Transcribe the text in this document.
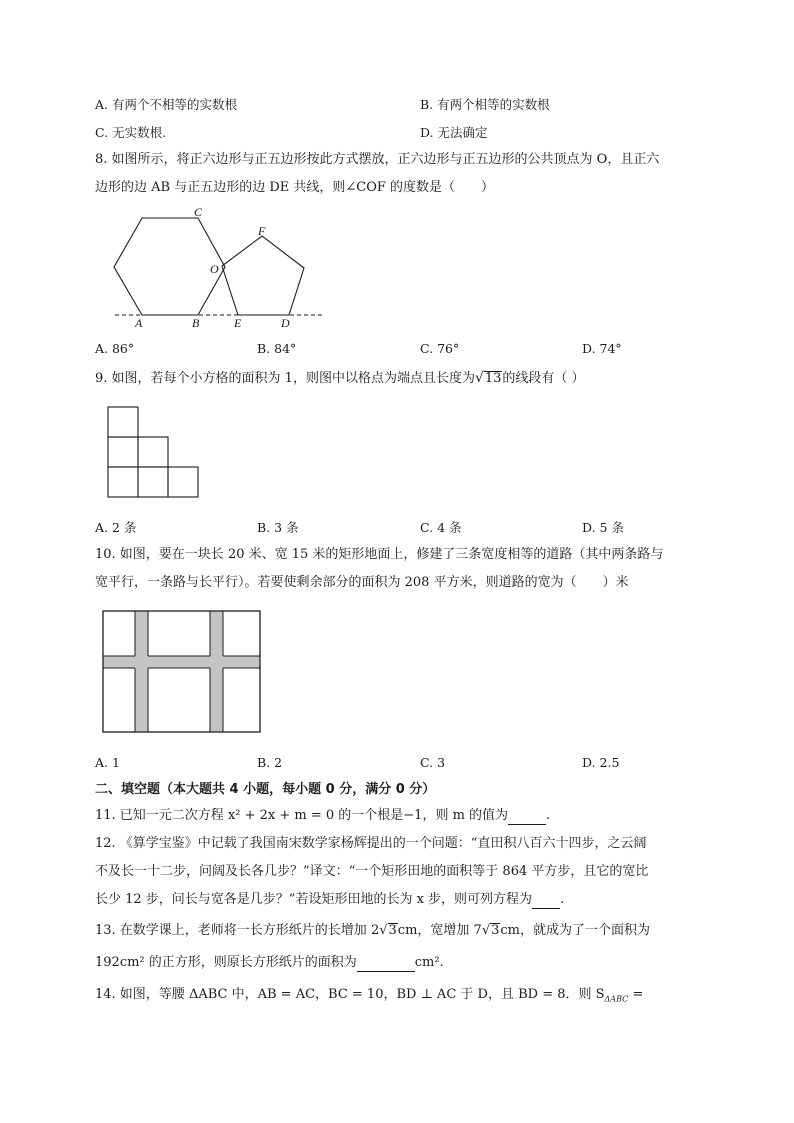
A. 有两个不相等的实数根	B. 有两个相等的实数根
C. 无实数根.	D. 无法确定
8. 如图所示，将正六边形与正五边形按此方式摆放，正六边形与正五边形的公共顶点为 O，且正六
边形的边 AB 与正五边形的边 DE 共线，则∠COF 的度数是（　　）
C
F
O
A	B	E	D
A. 86°	B. 84°	C. 76°	D. 74°
9. 如图，若每个小方格的面积为 1，则图中以格点为端点且长度为√13的线段有（ ）
A. 2 条	B. 3 条	C. 4 条	D. 5 条
10. 如图，要在一块长 20 米、宽 15 米的矩形地面上，修建了三条宽度相等的道路（其中两条路与
宽平行，一条路与长平行）。若要使剩余部分的面积为 208 平方米，则道路的宽为（　　）米
A. 1	B. 2	C. 3	D. 2.5
二、填空题（本大题共 4 小题，每小题 0 分，满分 0 分）
11. 已知一元二次方程 x² + 2x + m = 0 的一个根是−1，则 m 的值为	.
12. 《算学宝鉴》中记载了我国南宋数学家杨辉提出的一个问题：“直田积八百六十四步，之云阔
不及长一十二步，问阔及长各几步？”译文：“一个矩形田地的面积等于 864 平方步，且它的宽比
长少 12 步，问长与宽各是几步？”若设矩形田地的长为 x 步，则可列方程为 .
13. 在数学课上，老师将一长方形纸片的长增加 2√3cm，宽增加 7√3cm，就成为了一个面积为
192cm² 的正方形，则原长方形纸片的面积为	cm².
14. 如图，等腰 ΔABC 中，AB = AC，BC = 10，BD ⊥ AC 于 D，且 BD = 8．则 $S_{\Delta ABC}$ =
